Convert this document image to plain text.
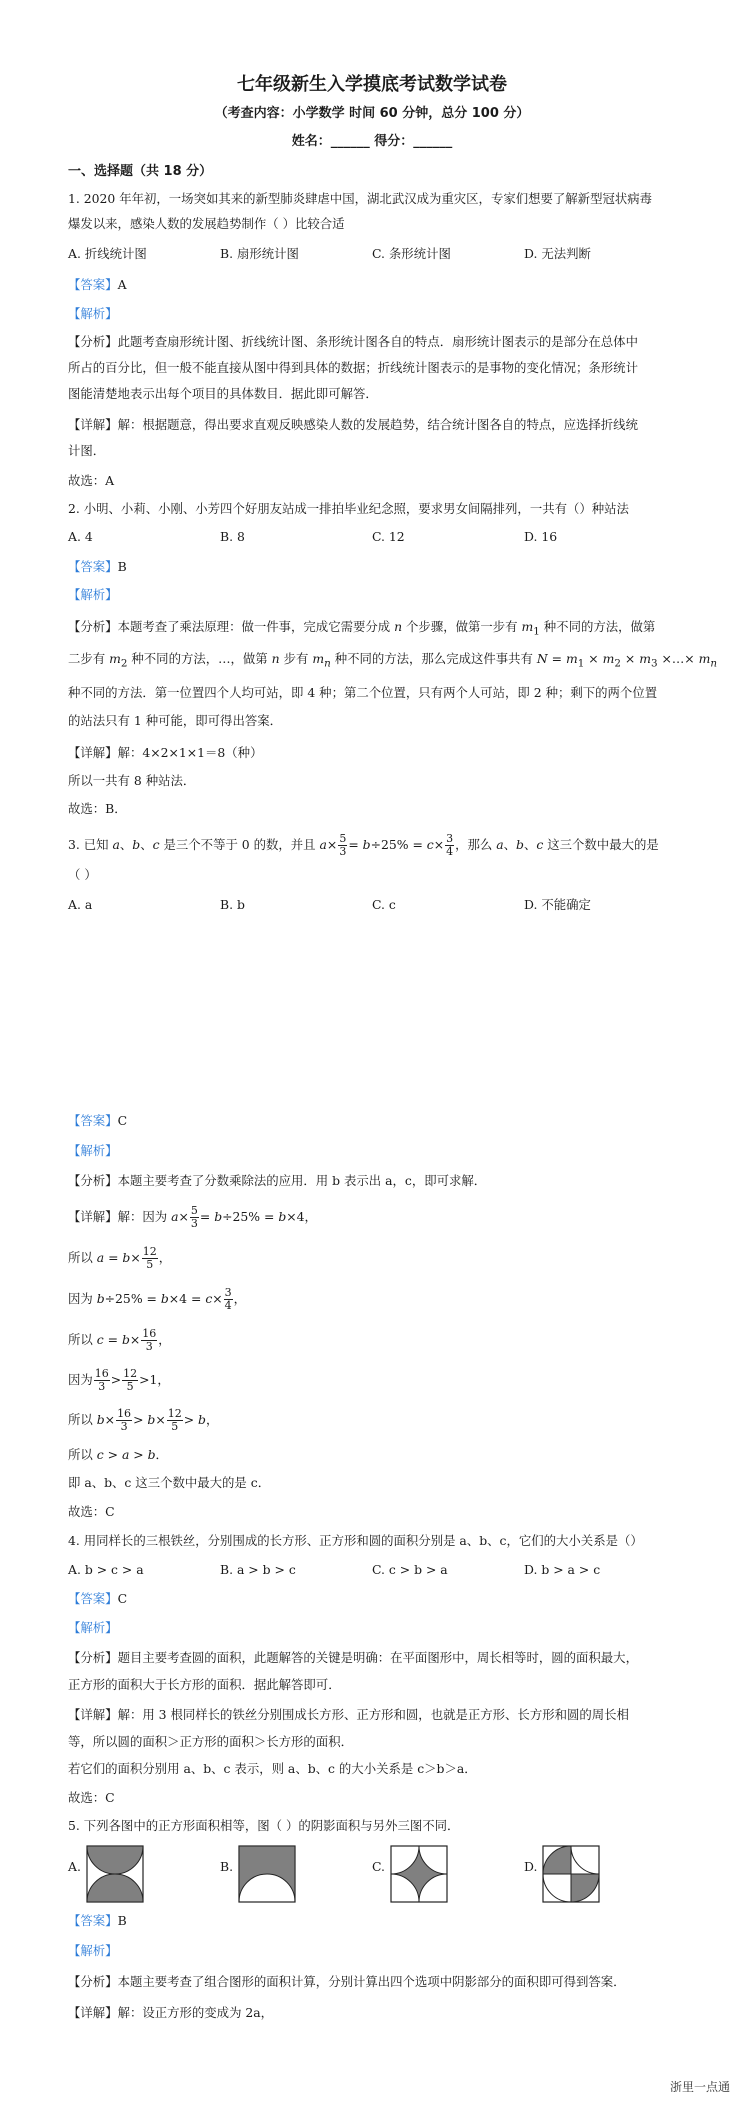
七年级新生入学摸底考试数学试卷
（考查内容：小学数学 时间 60 分钟，总分 100 分）
姓名：______ 得分：______
一、选择题（共 18 分）
1. 2020 年年初，一场突如其来的新型肺炎肆虐中国，湖北武汉成为重灾区，专家们想要了解新型冠状病毒
爆发以来，感染人数的发展趋势制作（ ）比较合适
A. 折线统计图	B. 扇形统计图	C. 条形统计图	D. 无法判断
【答案】A
【解析】
【分析】此题考查扇形统计图、折线统计图、条形统计图各自的特点．扇形统计图表示的是部分在总体中
所占的百分比，但一般不能直接从图中得到具体的数据；折线统计图表示的是事物的变化情况；条形统计
图能清楚地表示出每个项目的具体数目．据此即可解答．
【详解】解：根据题意，得出要求直观反映感染人数的发展趋势，结合统计图各自的特点，应选择折线统
计图．
故选：A
2. 小明、小莉、小刚、小芳四个好朋友站成一排拍毕业纪念照，要求男女间隔排列，一共有（）种站法
A. 4	B. 8	C. 12	D. 16
【答案】B
【解析】
【分析】本题考查了乘法原理：做一件事，完成它需要分成 n 个步骤，做第一步有 $m_1$ 种不同的方法，做第
二步有 $m_2$ 种不同的方法，…，做第 n 步有 $m_n$ 种不同的方法，那么完成这件事共有 $N = m_1 \times m_2 \times m_3$ ×…× $m_n$
种不同的方法．第一位置四个人均可站，即 4 种；第二个位置，只有两个人可站，即 2 种；剩下的两个位置
的站法只有 1 种可能，即可得出答案．
【详解】解：4×2×1×1＝8（种）
所以一共有 8 种站法．
故选：B．
3. 已知 a、b、c 是三个不等于 0 的数，并且 $a\times \frac{5}{3} = b\div 25\% = c\times \frac{3}{4}$ ，那么 a、b、c 这三个数中最大的是
（ ）
A. a	B. b	C. c	D. 不能确定
【答案】C
【解析】
【分析】本题主要考查了分数乘除法的应用．用 b 表示出 a，c，即可求解．
【详解】解：因为 $a\times \frac{5}{3} = b\div 25\% = b\times 4$，
所以 $a = b\times \frac{12}{5}$ ，
因为 $b\div 25\% = b\times 4 = c\times \frac{3}{4}$ ，
所以 $c = b\times \frac{16}{3}$ ，
因为 $\frac{16}{3} > \frac{12}{5} >1$，
所以 $b\times \frac{16}{3} > b\times \frac{12}{5} > b$，
所以 c > a > b．
即 a、b、c 这三个数中最大的是 c．
故选：C
4. 用同样长的三根铁丝，分别围成的长方形、正方形和圆的面积分别是 a、b、c，它们的大小关系是（）
A. b > c > a	B. a > b > c	C. c > b > a	D. b > a > c
【答案】C
【解析】
【分析】题目主要考查圆的面积，此题解答的关键是明确：在平面图形中，周长相等时，圆的面积最大，
正方形的面积大于长方形的面积．据此解答即可．
【详解】解：用 3 根同样长的铁丝分别围成长方形、正方形和圆，也就是正方形、长方形和圆的周长相
等，所以圆的面积＞正方形的面积＞长方形的面积．
若它们的面积分别用 a、b、c 表示，则 a、b、c 的大小关系是 c＞b＞a．
故选：C
5. 下列各图中的正方形面积相等，图（ ）的阴影面积与另外三图不同．
A.	B.	C.	D.
【答案】B
【解析】
【分析】本题主要考查了组合图形的面积计算，分别计算出四个选项中阴影部分的面积即可得到答案．
【详解】解：设正方形的变成为 2a，
浙里一点通
